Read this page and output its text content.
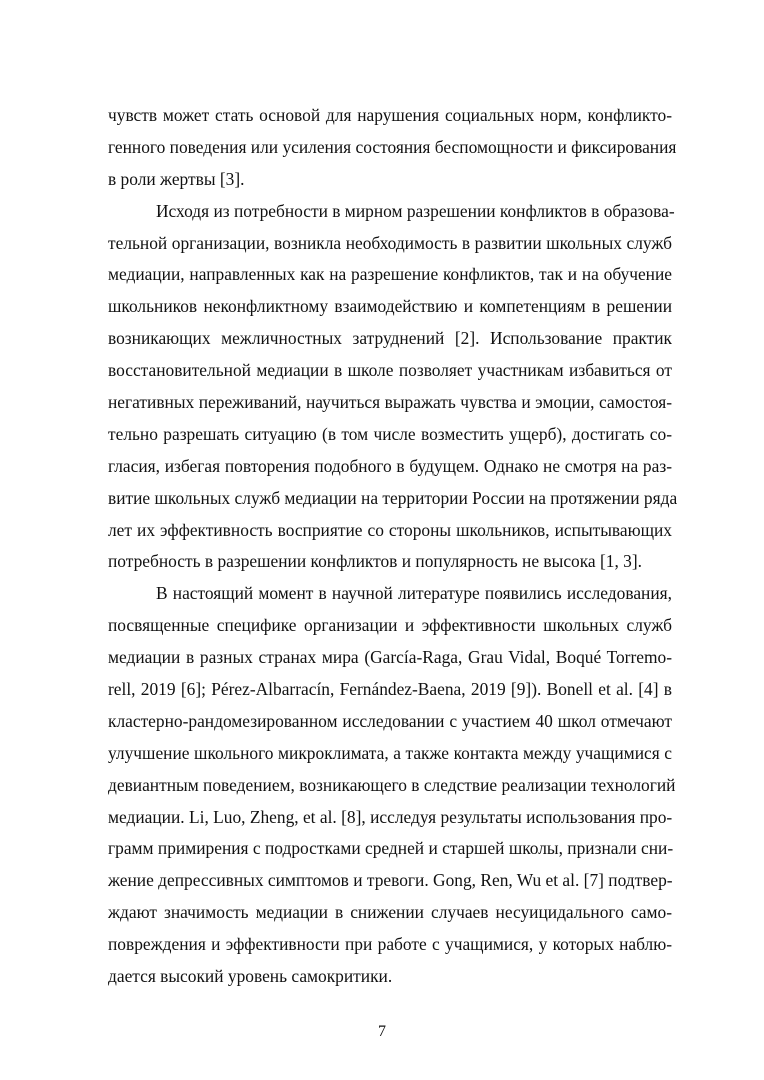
чувств может стать основой для нарушения социальных норм, конфликто-
генного поведения или усиления состояния беспомощности и фиксирования
в роли жертвы [3].
Исходя из потребности в мирном разрешении конфликтов в образова-
тельной организации, возникла необходимость в развитии школьных служб
медиации, направленных как на разрешение конфликтов, так и на обучение
школьников неконфликтному взаимодействию и компетенциям в решении
возникающих межличностных затруднений [2]. Использование практик
восстановительной медиации в школе позволяет участникам избавиться от
негативных переживаний, научиться выражать чувства и эмоции, самостоя-
тельно разрешать ситуацию (в том числе возместить ущерб), достигать со-
гласия, избегая повторения подобного в будущем. Однако не смотря на раз-
витие школьных служб медиации на территории России на протяжении ряда
лет их эффективность восприятие со стороны школьников, испытывающих
потребность в разрешении конфликтов и популярность не высока [1, 3].
В настоящий момент в научной литературе появились исследования,
посвященные специфике организации и эффективности школьных служб
медиации в разных странах мира (García-Raga, Grau Vidal, Boqué Torremo-
rell, 2019 [6]; Pérez-Albarracín, Fernández-Baena, 2019 [9]). Bonell et al. [4] в
кластерно-рандомезированном исследовании с участием 40 школ отмечают
улучшение школьного микроклимата, а также контакта между учащимися с
девиантным поведением, возникающего в следствие реализации технологий
медиации. Li, Luo, Zheng, et al. [8], исследуя результаты использования про-
грамм примирения с подростками средней и старшей школы, признали сни-
жение депрессивных симптомов и тревоги. Gong, Ren, Wu et al. [7] подтвер-
ждают значимость медиации в снижении случаев несуицидального само-
повреждения и эффективности при работе с учащимися, у которых наблю-
дается высокий уровень самокритики.
7
